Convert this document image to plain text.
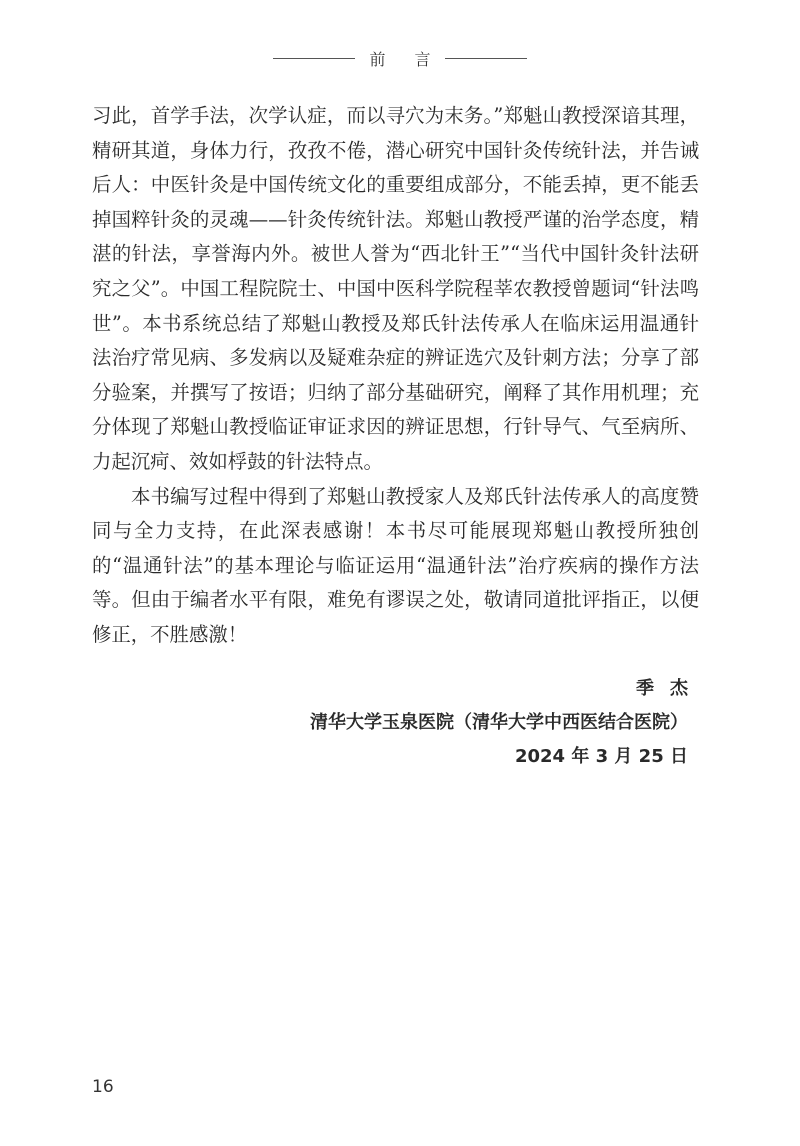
前 言

习此，首学手法，次学认症，而以寻穴为末务。”郑魁山教授深谙其理，精研其道，身体力行，孜孜不倦，潜心研究中国针灸传统针法，并告诫后人：中医针灸是中国传统文化的重要组成部分，不能丢掉，更不能丢掉国粹针灸的灵魂——针灸传统针法。郑魁山教授严谨的治学态度，精湛的针法，享誉海内外。被世人誉为“西北针王”“当代中国针灸针法研究之父”。中国工程院院士、中国中医科学院程莘农教授曾题词“针法鸣世”。本书系统总结了郑魁山教授及郑氏针法传承人在临床运用温通针法治疗常见病、多发病以及疑难杂症的辨证选穴及针刺方法；分享了部分验案，并撰写了按语；归纳了部分基础研究，阐释了其作用机理；充分体现了郑魁山教授临证审证求因的辨证思想，行针导气、气至病所、力起沉疴、效如桴鼓的针法特点。

本书编写过程中得到了郑魁山教授家人及郑氏针法传承人的高度赞同与全力支持，在此深表感谢！本书尽可能展现郑魁山教授所独创的“温通针法”的基本理论与临证运用“温通针法”治疗疾病的操作方法等。但由于编者水平有限，难免有谬误之处，敬请同道批评指正，以便修正，不胜感激！

季杰
清华大学玉泉医院（清华大学中西医结合医院）
2024 年 3 月 25 日
16
